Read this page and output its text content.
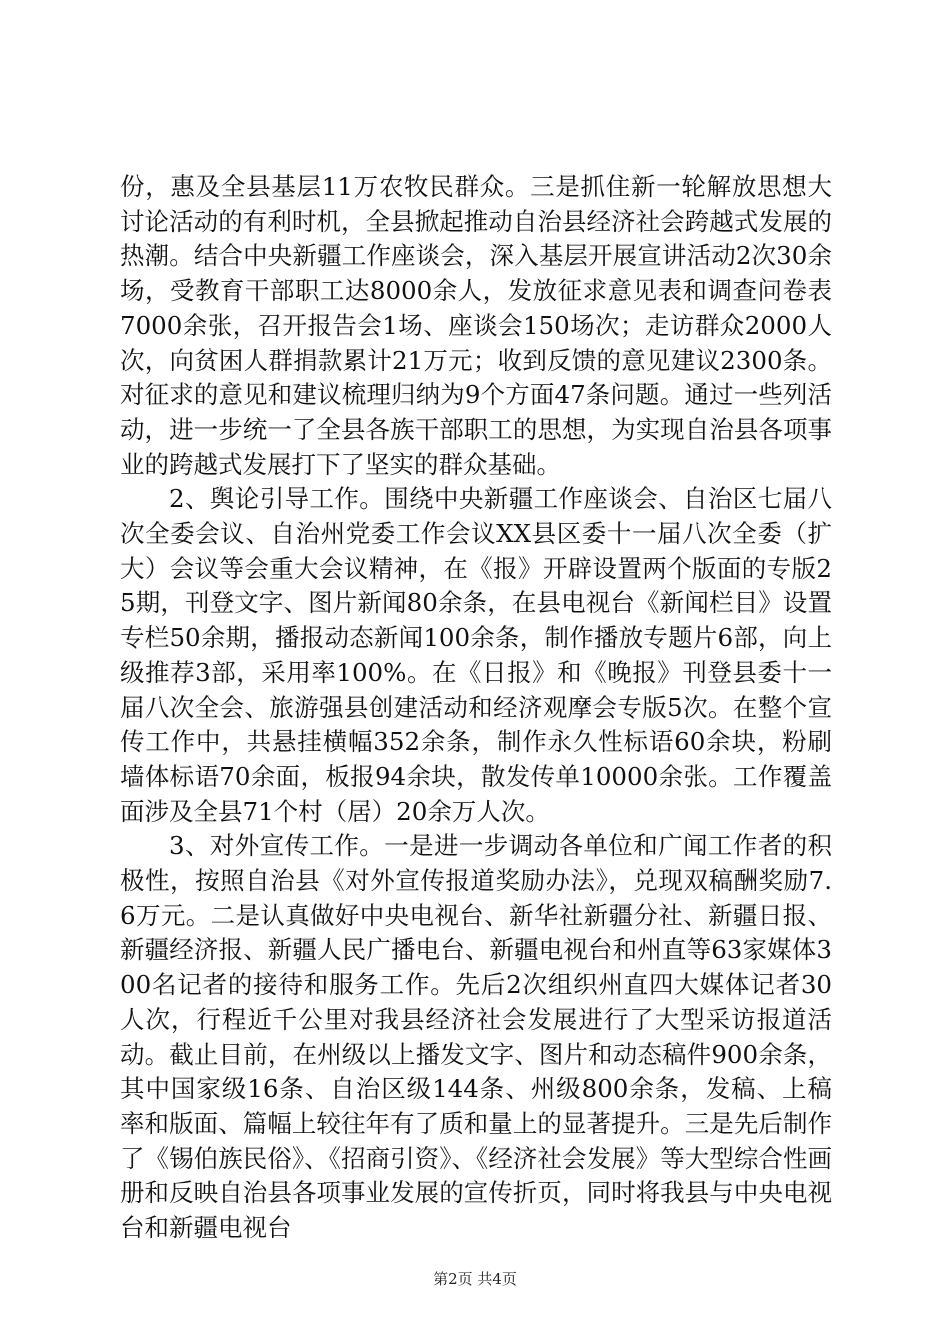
份，惠及全县基层11万农牧民群众。三是抓住新一轮解放思想大讨论活动的有利时机，全县掀起推动自治县经济社会跨越式发展的热潮。结合中央新疆工作座谈会，深入基层开展宣讲活动2次30余场，受教育干部职工达8000余人，发放征求意见表和调查问卷表7000余张，召开报告会1场、座谈会150场次；走访群众2000人次，向贫困人群捐款累计21万元；收到反馈的意见建议2300条。对征求的意见和建议梳理归纳为9个方面47条问题。通过一些列活动，进一步统一了全县各族干部职工的思想，为实现自治县各项事业的跨越式发展打下了坚实的群众基础。

2、舆论引导工作。围绕中央新疆工作座谈会、自治区七届八次全委会议、自治州党委工作会议XX县区委十一届八次全委（扩大）会议等会重大会议精神，在《报》开辟设置两个版面的专版25期，刊登文字、图片新闻80余条，在县电视台《新闻栏目》设置专栏50余期，播报动态新闻100余条，制作播放专题片6部，向上级推荐3部，采用率100%。在《日报》和《晚报》刊登县委十一届八次全会、旅游强县创建活动和经济观摩会专版5次。在整个宣传工作中，共悬挂横幅352余条，制作永久性标语60余块，粉刷墙体标语70余面，板报94余块，散发传单10000余张。工作覆盖面涉及全县71个村（居）20余万人次。

3、对外宣传工作。一是进一步调动各单位和广闻工作者的积极性，按照自治县《对外宣传报道奖励办法》，兑现双稿酬奖励7.6万元。二是认真做好中央电视台、新华社新疆分社、新疆日报、新疆经济报、新疆人民广播电台、新疆电视台和州直等63家媒体300名记者的接待和服务工作。先后2次组织州直四大媒体记者30人次，行程近千公里对我县经济社会发展进行了大型采访报道活动。截止目前，在州级以上播发文字、图片和动态稿件900余条，其中国家级16条、自治区级144条、州级800余条，发稿、上稿率和版面、篇幅上较往年有了质和量上的显著提升。三是先后制作了《锡伯族民俗》、《招商引资》、《经济社会发展》等大型综合性画册和反映自治县各项事业发展的宣传折页，同时将我县与中央电视台和新疆电视台

第2页 共4页
